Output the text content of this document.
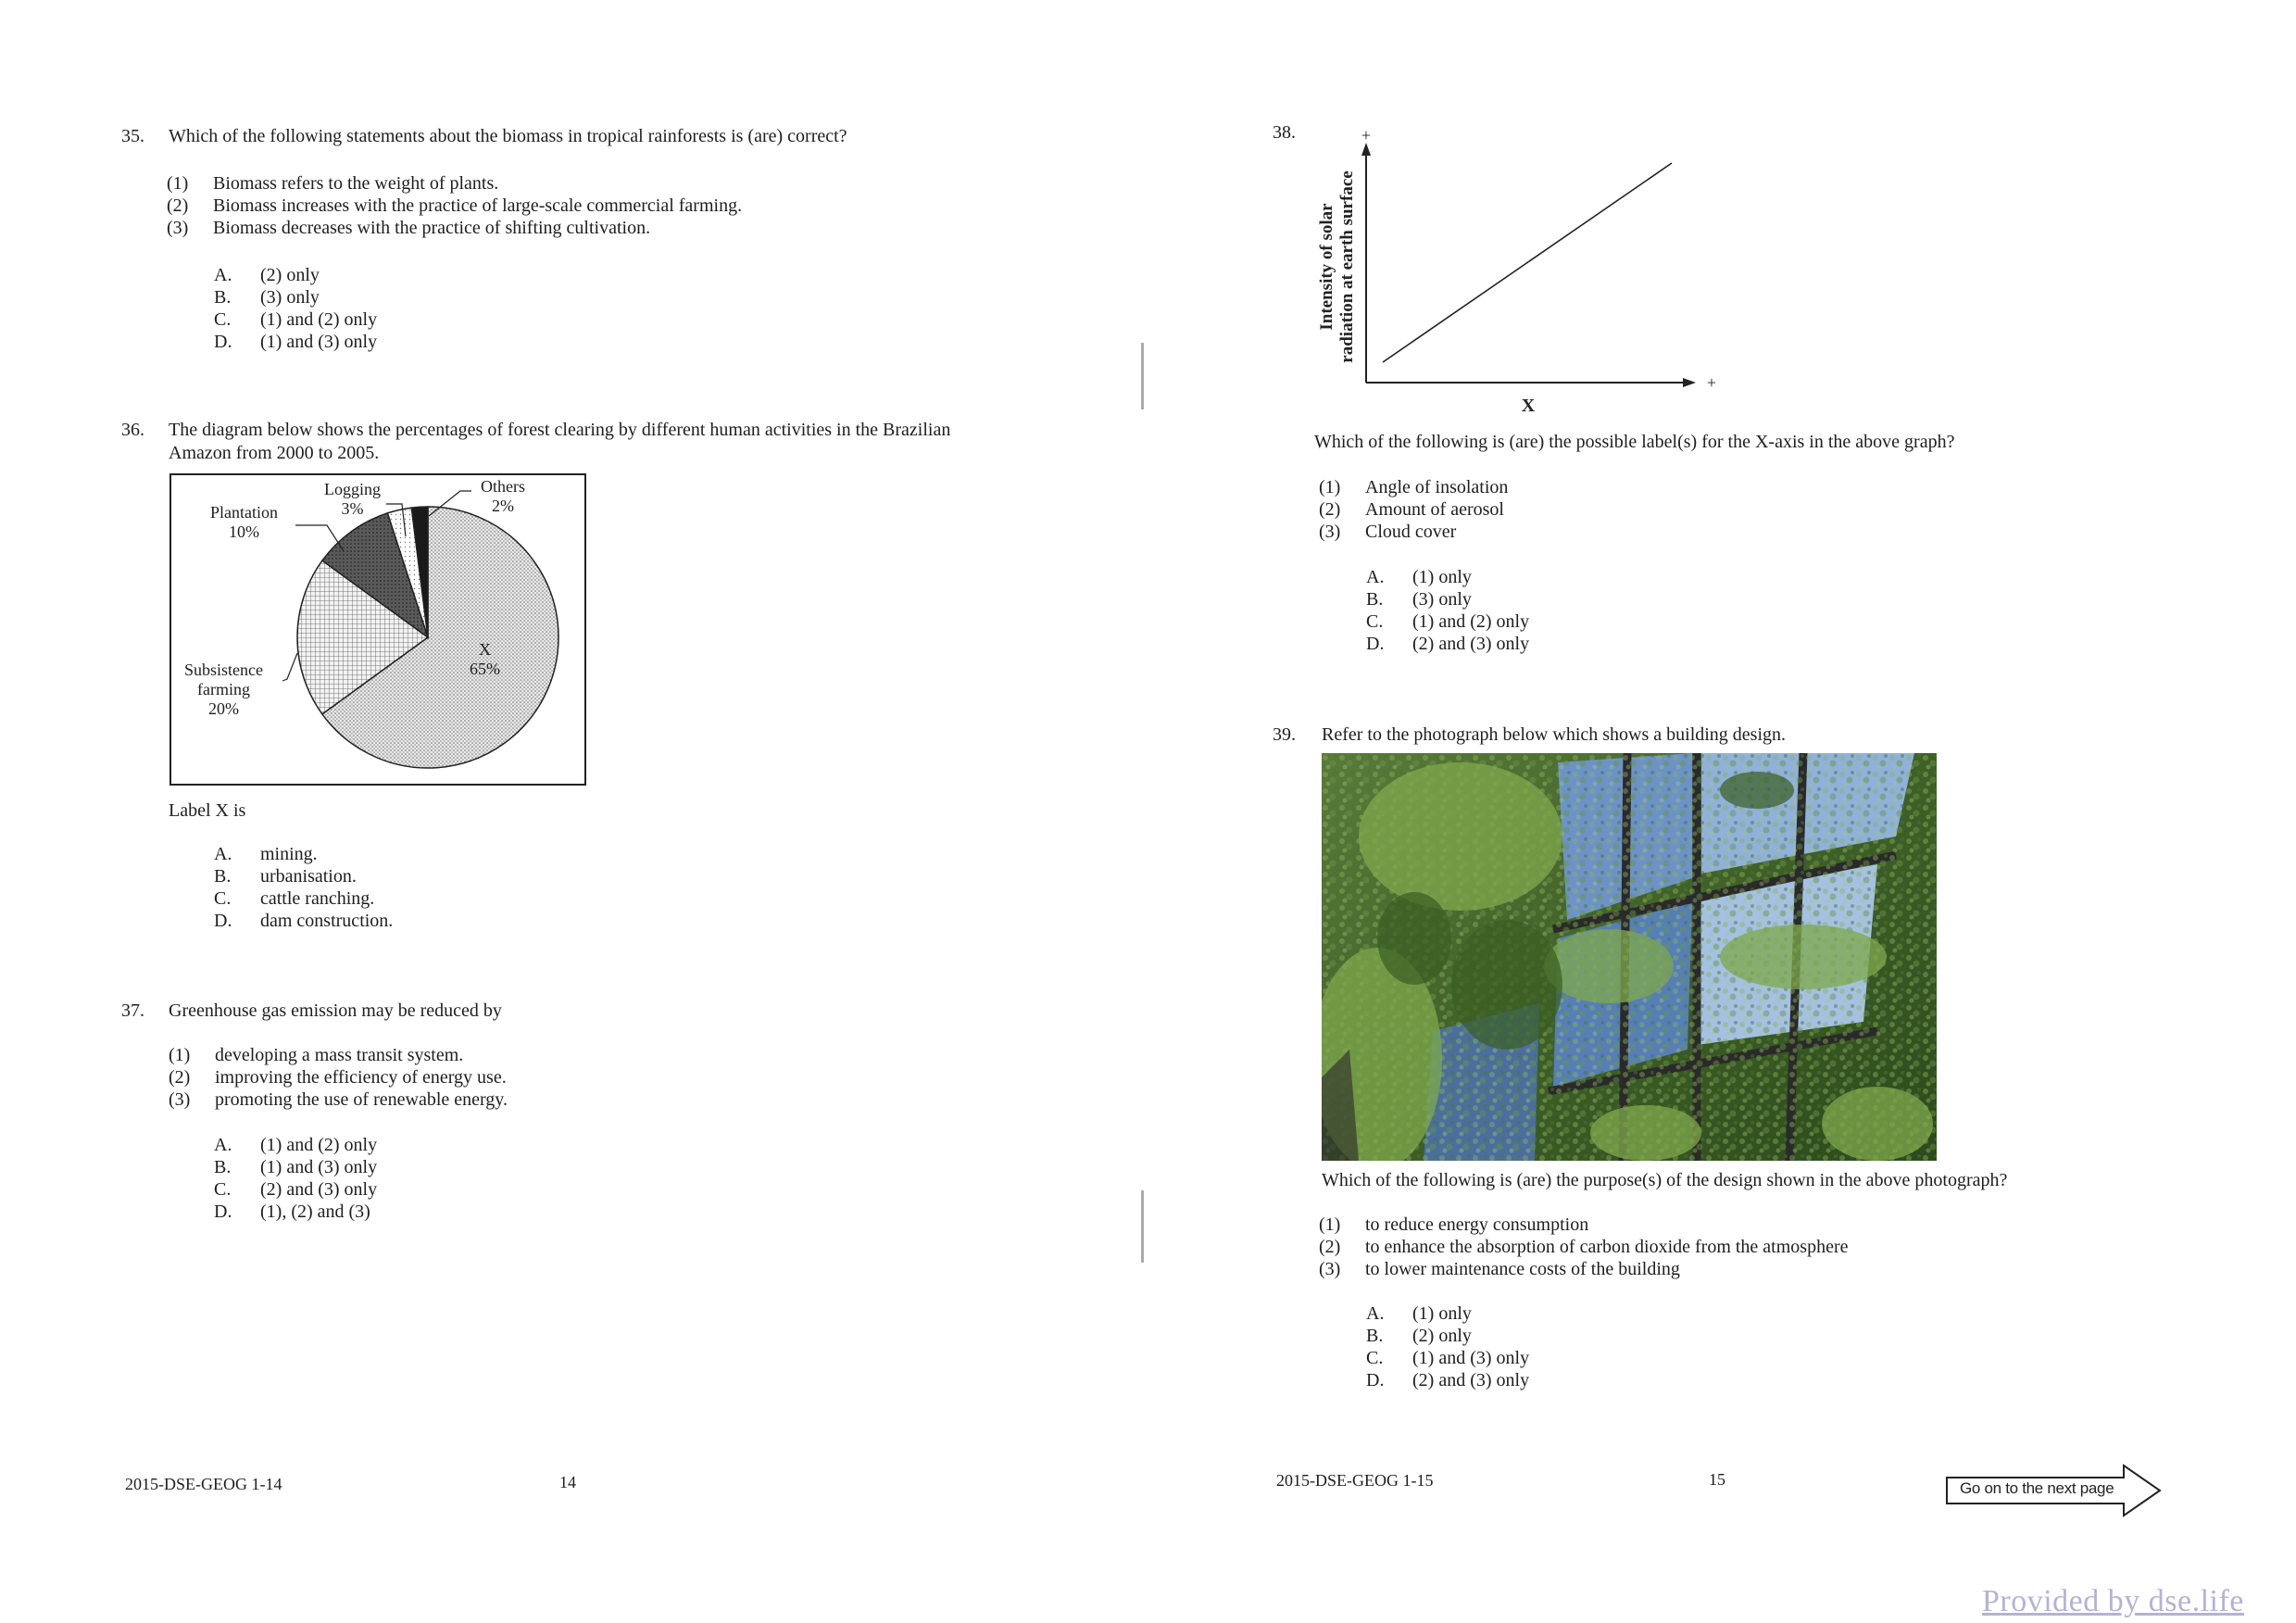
35. Which of the following statements about the biomass in tropical rainforests is (are) correct?
(1) Biomass refers to the weight of plants.
(2) Biomass increases with the practice of large-scale commercial farming.
(3) Biomass decreases with the practice of shifting cultivation.
A. (2) only
B. (3) only
C. (1) and (2) only
D. (1) and (3) only
36. The diagram below shows the percentages of forest clearing by different human activities in the Brazilian
Amazon from 2000 to 2005.
Plantation
10%
Logging
3%
Others
2%
Subsistence
farming
20%
X
65%
Label X is
A. mining.
B. urbanisation.
C. cattle ranching.
D. dam construction.
37. Greenhouse gas emission may be reduced by
(1) developing a mass transit system.
(2) improving the efficiency of energy use.
(3) promoting the use of renewable energy.
A. (1) and (2) only
B. (1) and (3) only
C. (2) and (3) only
D. (1), (2) and (3)
2015-DSE-GEOG 1-14	14
38.	+
+
X
Intensity of solar radiation at earth surface
Which of the following is (are) the possible label(s) for the X-axis in the above graph?
(1) Angle of insolation
(2) Amount of aerosol
(3) Cloud cover
A. (1) only
B. (3) only
C. (1) and (2) only
D. (2) and (3) only
39. Refer to the photograph below which shows a building design.
Which of the following is (are) the purpose(s) of the design shown in the above photograph?
(1) to reduce energy consumption
(2) to enhance the absorption of carbon dioxide from the atmosphere
(3) to lower maintenance costs of the building
A. (1) only
B. (2) only
C. (1) and (3) only
D. (2) and (3) only
2015-DSE-GEOG 1-15	15	Go on to the next page
Provided by dse.life
